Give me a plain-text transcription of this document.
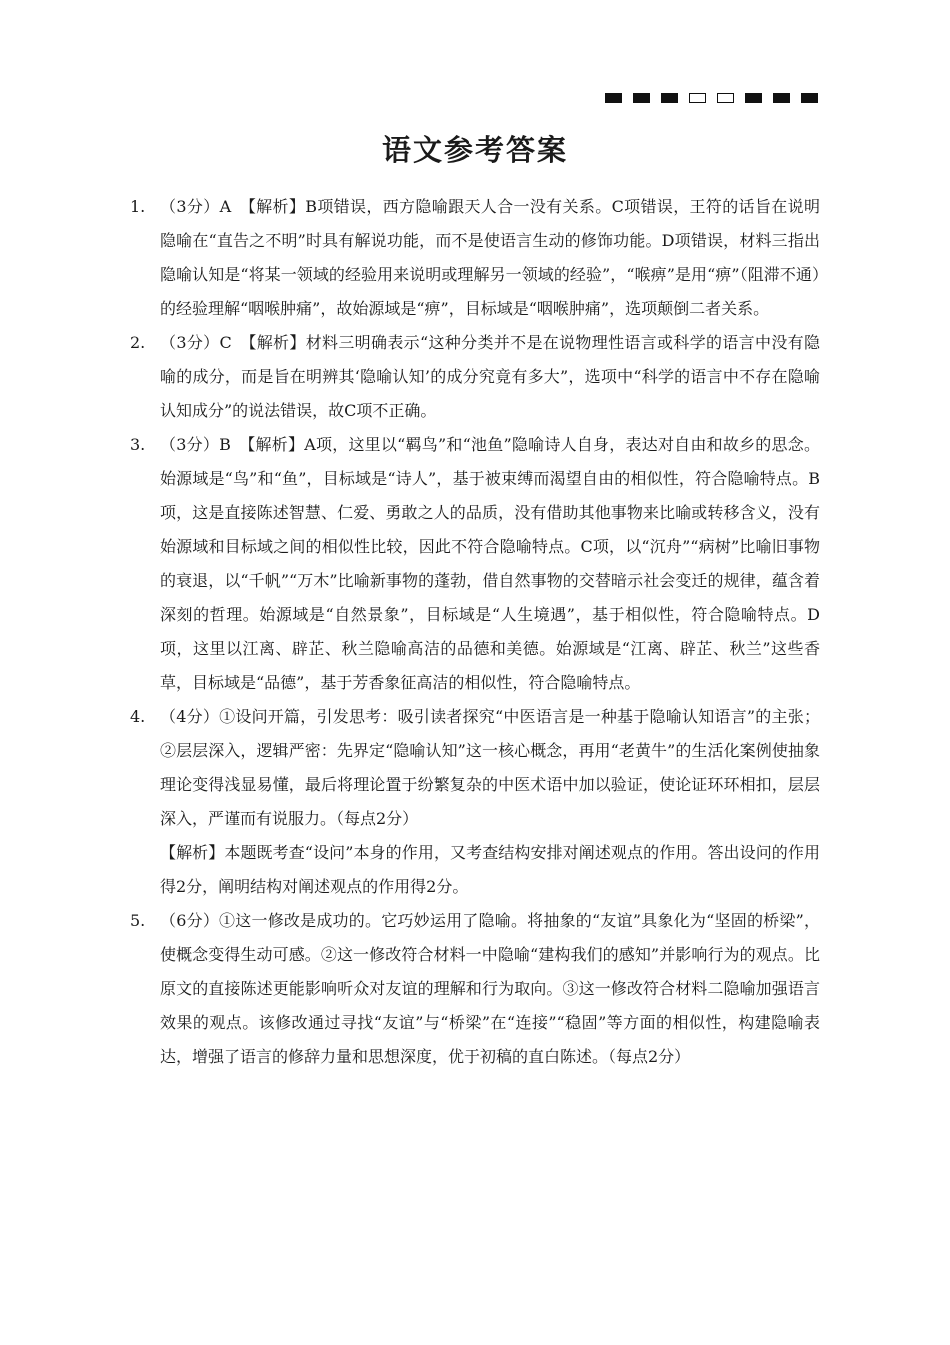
语文参考答案
1. （3分）A　【解析】B项错误，西方隐喻跟天人合一没有关系。C项错误，王符的话旨在说明隐喻在“直告之不明”时具有解说功能，而不是使语言生动的修饰功能。D项错误，材料三指出隐喻认知是“将某一领域的经验用来说明或理解另一领域的经验”，“喉痹”是用“痹”（阻滞不通）的经验理解“咽喉肿痛”，故始源域是“痹”，目标域是“咽喉肿痛”，选项颠倒二者关系。

2. （3分）C　【解析】材料三明确表示“这种分类并不是在说物理性语言或科学的语言中没有隐喻的成分，而是旨在明辨其‘隐喻认知’的成分究竟有多大”，选项中“科学的语言中不存在隐喻认知成分”的说法错误，故C项不正确。

3. （3分）B　【解析】A项，这里以“羁鸟”和“池鱼”隐喻诗人自身，表达对自由和故乡的思念。始源域是“鸟”和“鱼”，目标域是“诗人”，基于被束缚而渴望自由的相似性，符合隐喻特点。B项，这是直接陈述智慧、仁爱、勇敢之人的品质，没有借助其他事物来比喻或转移含义，没有始源域和目标域之间的相似性比较，因此不符合隐喻特点。C项，以“沉舟”“病树”比喻旧事物的衰退，以“千帆”“万木”比喻新事物的蓬勃，借自然事物的交替暗示社会变迁的规律，蕴含着深刻的哲理。始源域是“自然景象”，目标域是“人生境遇”，基于相似性，符合隐喻特点。D项，这里以江离、辟芷、秋兰隐喻高洁的品德和美德。始源域是“江离、辟芷、秋兰”这些香草，目标域是“品德”，基于芳香象征高洁的相似性，符合隐喻特点。

4. （4分）①设问开篇，引发思考：吸引读者探究“中医语言是一种基于隐喻认知语言”的主张；②层层深入，逻辑严密：先界定“隐喻认知”这一核心概念，再用“老黄牛”的生活化案例使抽象理论变得浅显易懂，最后将理论置于纷繁复杂的中医术语中加以验证，使论证环环相扣，层层深入，严谨而有说服力。（每点2分）

【解析】本题既考查“设问”本身的作用，又考查结构安排对阐述观点的作用。答出设问的作用得2分，阐明结构对阐述观点的作用得2分。

5. （6分）①这一修改是成功的。它巧妙运用了隐喻。将抽象的“友谊”具象化为“坚固的桥梁”，使概念变得生动可感。②这一修改符合材料一中隐喻“建构我们的感知”并影响行为的观点。比原文的直接陈述更能影响听众对友谊的理解和行为取向。③这一修改符合材料二隐喻加强语言效果的观点。该修改通过寻找“友谊”与“桥梁”在“连接”“稳固”等方面的相似性，构建隐喻表达，增强了语言的修辞力量和思想深度，优于初稿的直白陈述。（每点2分）
